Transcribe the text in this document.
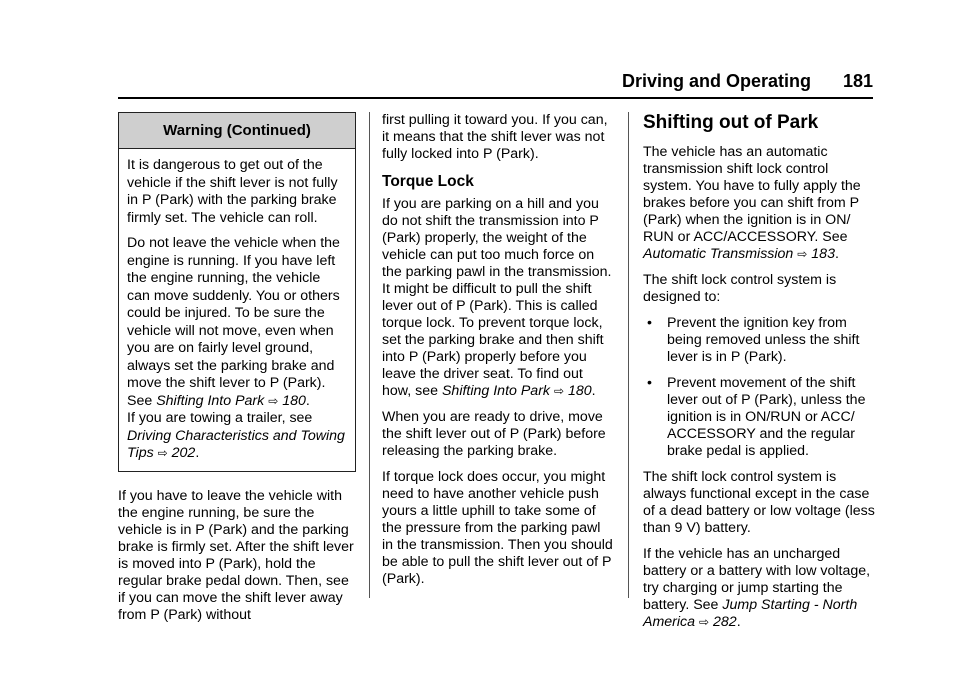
Driving and Operating 181
Warning (Continued)

It is dangerous to get out of the vehicle if the shift lever is not fully in P (Park) with the parking brake firmly set. The vehicle can roll.

Do not leave the vehicle when the engine is running. If you have left the engine running, the vehicle can move suddenly. You or others could be injured. To be sure the vehicle will not move, even when you are on fairly level ground, always set the parking brake and move the shift lever to P (Park). See Shifting Into Park ⇨ 180.

If you are towing a trailer, see

Driving Characteristics and Towing Tips ⇨ 202.

If you have to leave the vehicle with the engine running, be sure the vehicle is in P (Park) and the parking brake is firmly set. After the shift lever is moved into P (Park), hold the regular brake pedal down. Then, see if you can move the shift lever away from P (Park) without

first pulling it toward you. If you can, it means that the shift lever was not fully locked into P (Park).

Torque Lock

If you are parking on a hill and you do not shift the transmission into P (Park) properly, the weight of the vehicle can put too much force on the parking pawl in the transmission. It might be difficult to pull the shift lever out of P (Park). This is called torque lock. To prevent torque lock, set the parking brake and then shift into P (Park) properly before you leave the driver seat. To find out how, see Shifting Into Park ⇨ 180.

When you are ready to drive, move the shift lever out of P (Park) before releasing the parking brake.

If torque lock does occur, you might need to have another vehicle push yours a little uphill to take some of the pressure from the parking pawl in the transmission. Then you should be able to pull the shift lever out of P (Park).

Shifting out of Park

The vehicle has an automatic transmission shift lock control system. You have to fully apply the brakes before you can shift from P (Park) when the ignition is in ON/ RUN or ACC/ACCESSORY. See Automatic Transmission ⇨ 183.

The shift lock control system is designed to:

• Prevent the ignition key from being removed unless the shift lever is in P (Park).
• Prevent movement of the shift lever out of P (Park), unless the ignition is in ON/RUN or ACC/ ACCESSORY and the regular brake pedal is applied.

The shift lock control system is always functional except in the case of a dead battery or low voltage (less than 9 V) battery.

If the vehicle has an uncharged battery or a battery with low voltage, try charging or jump starting the battery. See Jump Starting - North America ⇨ 282.
